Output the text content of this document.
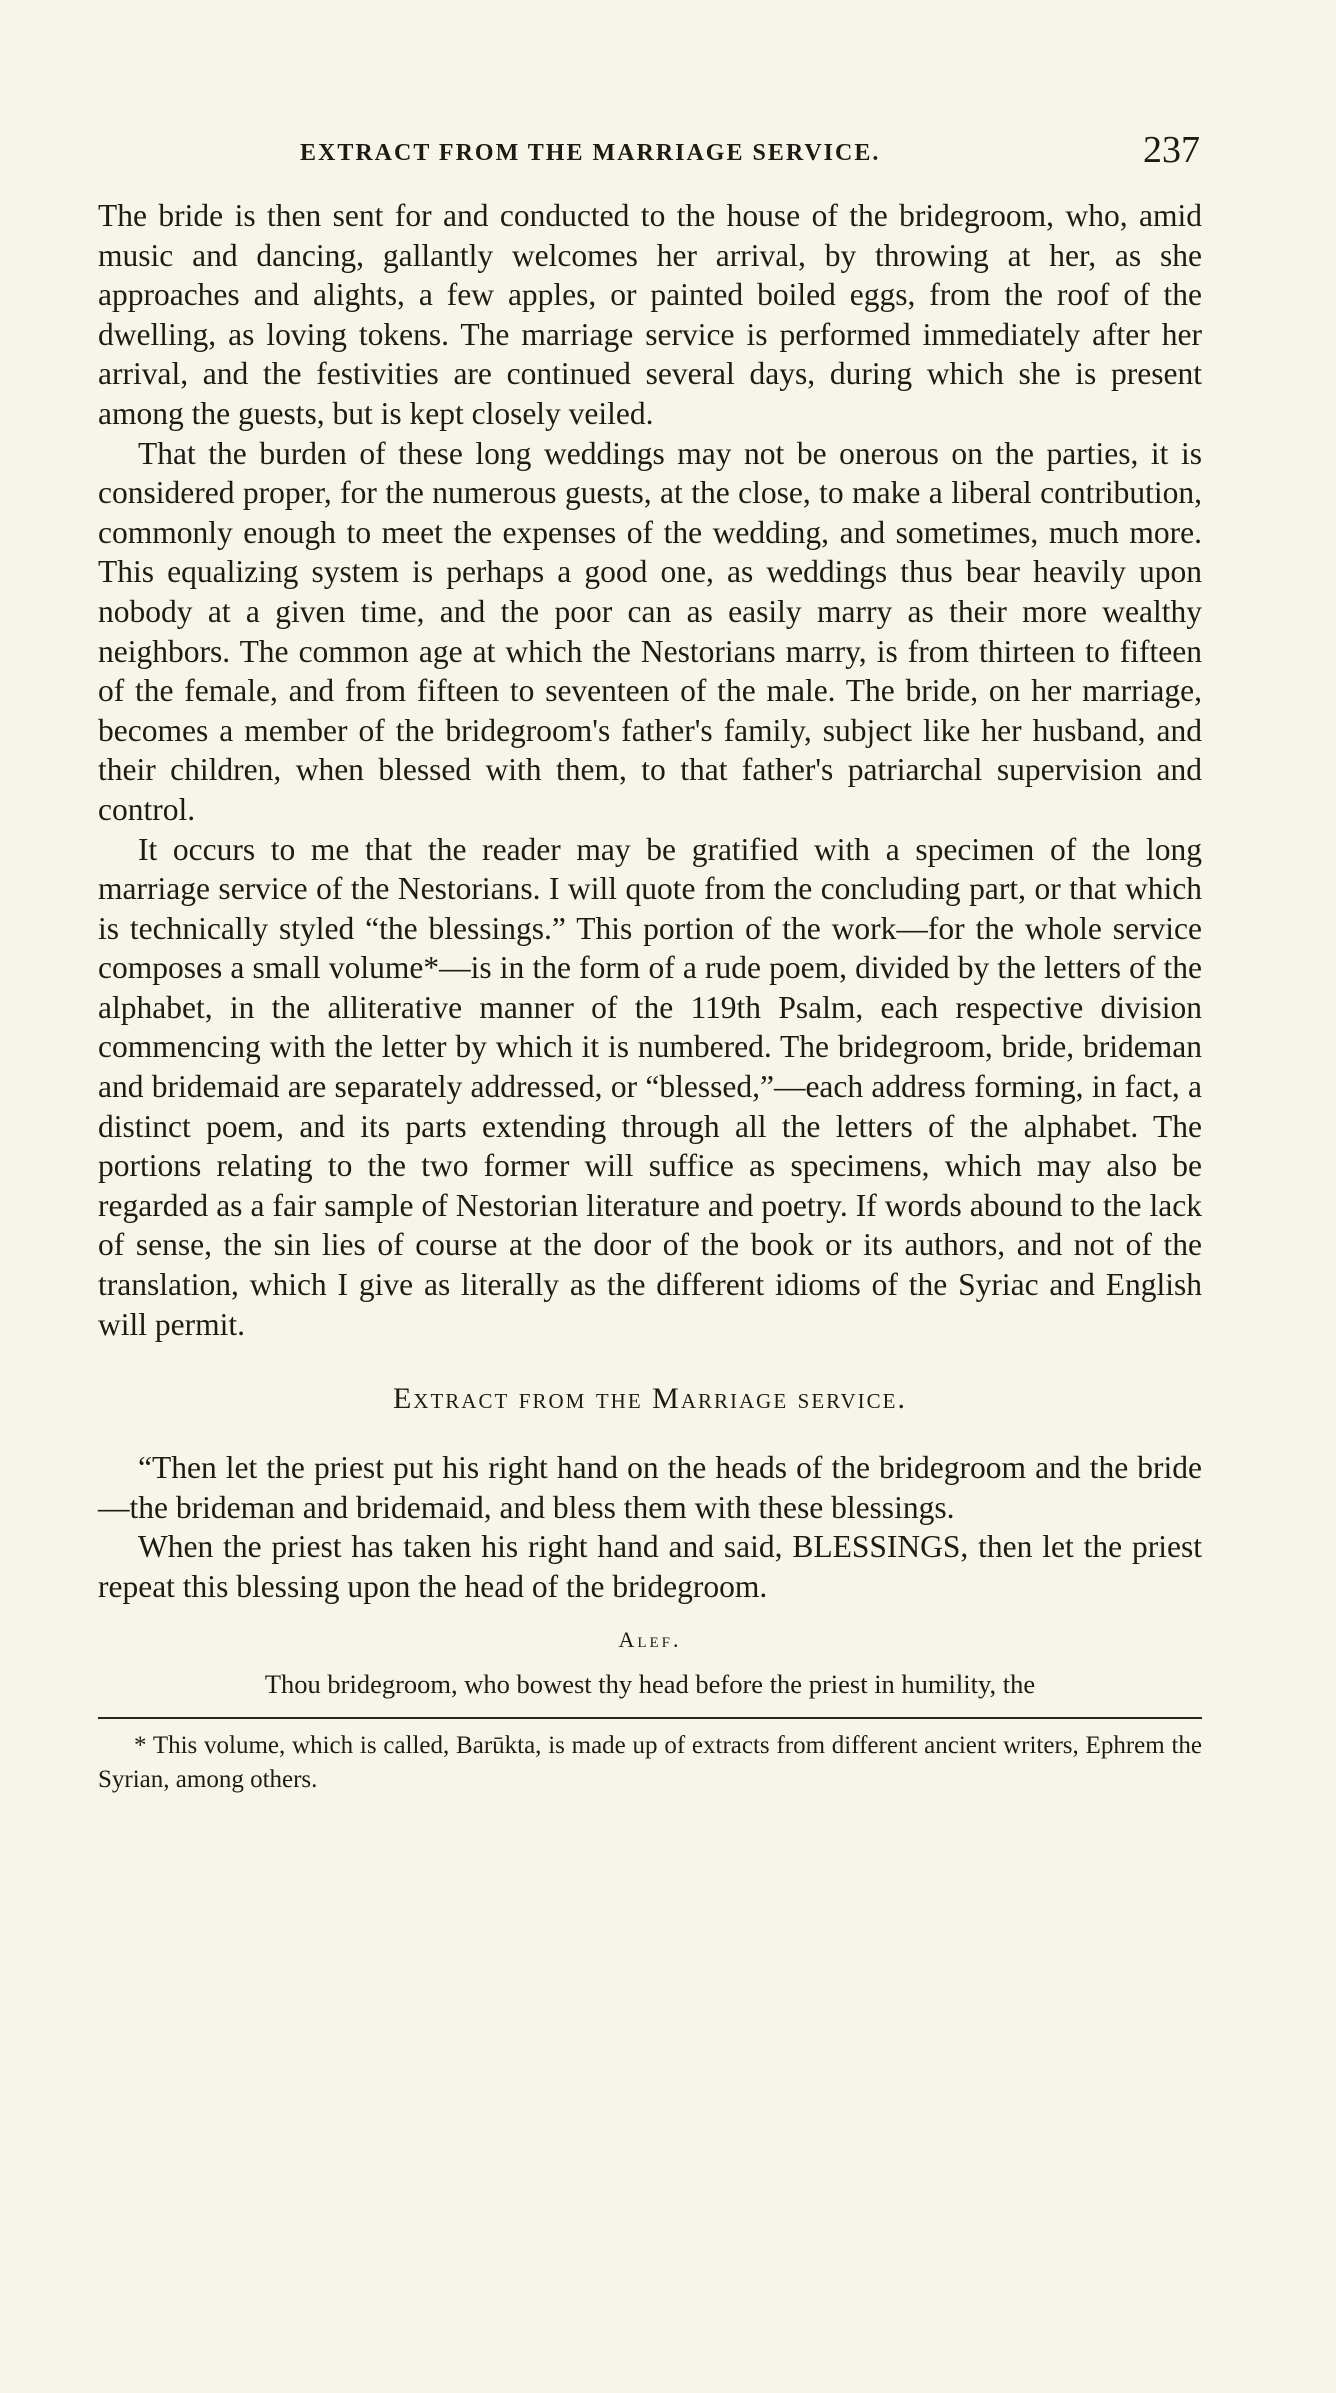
EXTRACT FROM THE MARRIAGE SERVICE.	237

The bride is then sent for and conducted to the house of the bridegroom, who, amid music and dancing, gallantly welcomes her arrival, by throwing at her, as she approaches and alights, a few apples, or painted boiled eggs, from the roof of the dwelling, as loving tokens. The marriage service is performed immediately after her arrival, and the festivities are continued several days, during which she is present among the guests, but is kept closely veiled.

That the burden of these long weddings may not be onerous on the parties, it is considered proper, for the numerous guests, at the close, to make a liberal contribution, commonly enough to meet the expenses of the wedding, and sometimes, much more. This equalizing system is perhaps a good one, as weddings thus bear heavily upon nobody at a given time, and the poor can as easily marry as their more wealthy neighbors. The common age at which the Nestorians marry, is from thirteen to fifteen of the female, and from fifteen to seventeen of the male. The bride, on her marriage, becomes a member of the bridegroom's father's family, subject like her husband, and their children, when blessed with them, to that father's patriarchal supervision and control.

It occurs to me that the reader may be gratified with a specimen of the long marriage service of the Nestorians. I will quote from the concluding part, or that which is technically styled “the blessings.” This portion of the work—for the whole service composes a small volume*—is in the form of a rude poem, divided by the letters of the alphabet, in the alliterative manner of the 119th Psalm, each respective division commencing with the letter by which it is numbered. The bridegroom, bride, brideman and bridemaid are separately addressed, or “blessed,”—each address forming, in fact, a distinct poem, and its parts extending through all the letters of the alphabet. The portions relating to the two former will suffice as specimens, which may also be regarded as a fair sample of Nestorian literature and poetry. If words abound to the lack of sense, the sin lies of course at the door of the book or its authors, and not of the translation, which I give as literally as the different idioms of the Syriac and English will permit.

Extract from the Marriage service.

“Then let the priest put his right hand on the heads of the bridegroom and the bride—the brideman and bridemaid, and bless them with these blessings.

When the priest has taken his right hand and said, BLESSINGS, then let the priest repeat this blessing upon the head of the bridegroom.

Alef.

Thou bridegroom, who bowest thy head before the priest in humility, the

* This volume, which is called, Barūkta, is made up of extracts from different ancient writers, Ephrem the Syrian, among others.
